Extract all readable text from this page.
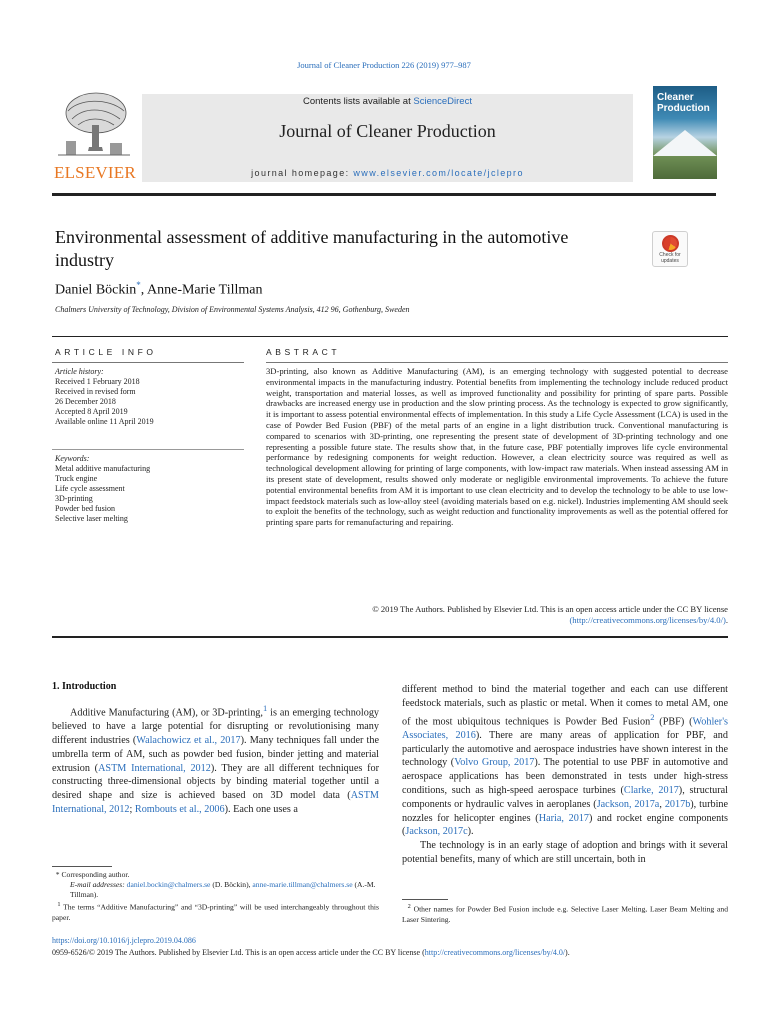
Journal of Cleaner Production 226 (2019) 977–987
ELSEVIER
Contents lists available at ScienceDirect
Journal of Cleaner Production
journal homepage: www.elsevier.com/locate/jclepro
Cleaner
Production
Environmental assessment of additive manufacturing in the automotive industry	Check for
updates
Daniel Böckin*, Anne-Marie Tillman
Chalmers University of Technology, Division of Environmental Systems Analysis, 412 96, Gothenburg, Sweden
ARTICLE INFO	ABSTRACT
Article history:
Received 1 February 2018
Received in revised form
26 December 2018
Accepted 8 April 2019
Available online 11 April 2019
Keywords:
Metal additive manufacturing
Truck engine
Life cycle assessment
3D-printing
Powder bed fusion
Selective laser melting
3D-printing, also known as Additive Manufacturing (AM), is an emerging technology with suggested potential to decrease environmental impacts in the manufacturing industry. Potential benefits from implementing the technology include reduced product weight, transportation and material losses, as well as improved functionality and possibility for printing of spare parts. Possible drawbacks are increased energy use in production and the slow printing process. As the technology is expected to grow significantly, it is important to assess potential environmental effects of implementation. In this study a Life Cycle Assessment (LCA) is used in the case of Powder Bed Fusion (PBF) of the metal parts of an engine in a light distribution truck. Conventional manufacturing is compared to scenarios with 3D-printing, one representing the present state of development of 3D-printing technology and one representing a possible future state. The results show that, in the future case, PBF potentially improves life cycle environmental performance by redesigning components for weight reduction. However, a clean electricity source was required as well as technological development allowing for printing of large components, with low-impact raw materials. When instead assessing AM in its present state of development, results showed only moderate or negligible environmental improvements. To achieve the future potential environmental benefits from AM it is important to use clean electricity and to develop the technology to be able to use low-impact feedstock materials such as low-alloy steel (avoiding materials based on e.g. nickel). Industries implementing AM should seek to exploit the benefits of the technology, such as weight reduction and functionality improvements as well as the potential offered for printing spare parts for remanufacturing and repairing.
© 2019 The Authors. Published by Elsevier Ltd. This is an open access article under the CC BY license
(http://creativecommons.org/licenses/by/4.0/).
1. Introduction
Additive Manufacturing (AM), or 3D-printing,$^1$ is an emerging technology believed to have a large potential for disrupting or revolutionising many different industries (Walachowicz et al., 2017). Many techniques fall under the umbrella term of AM, such as powder bed fusion, binder jetting and material extrusion (ASTM International, 2012). They are all different techniques for constructing three-dimensional objects by binding material together until a desired shape and size is achieved based on 3D model data (ASTM International, 2012; Rombouts et al., 2006). Each one uses a

different method to bind the material together and each can use different feedstock materials, such as plastic or metal. When it comes to metal AM, one of the most ubiquitous techniques is Powder Bed Fusion$^2$ (PBF) (Wohler's Associates, 2016). There are many areas of application for PBF, and particularly the automotive and aerospace industries have shown interest in the technology (Volvo Group, 2017). The potential to use PBF in automotive and aerospace applications has been demonstrated in tests under high-stress conditions, such as high-speed aerospace turbines (Clarke, 2017), structural components or hydraulic valves in aeroplanes (Jackson, 2017a, 2017b), turbine nozzles for helicopter engines (Haria, 2017) and rocket engine components (Jackson, 2017c).

The technology is in an early stage of adoption and brings with it several potential benefits, many of which are still uncertain, both in

* Corresponding author.
E-mail addresses: daniel.bockin@chalmers.se (D. Böckin), anne-marie.tillman@chalmers.se (A.-M. Tillman).
$^1$ The terms “Additive Manufacturing” and “3D-printing” will be used interchangeably throughout this paper.
$^2$ Other names for Powder Bed Fusion include e.g. Selective Laser Melting, Laser Beam Melting and Laser Sintering.
https://doi.org/10.1016/j.jclepro.2019.04.086
0959-6526/© 2019 The Authors. Published by Elsevier Ltd. This is an open access article under the CC BY license (http://creativecommons.org/licenses/by/4.0/).
